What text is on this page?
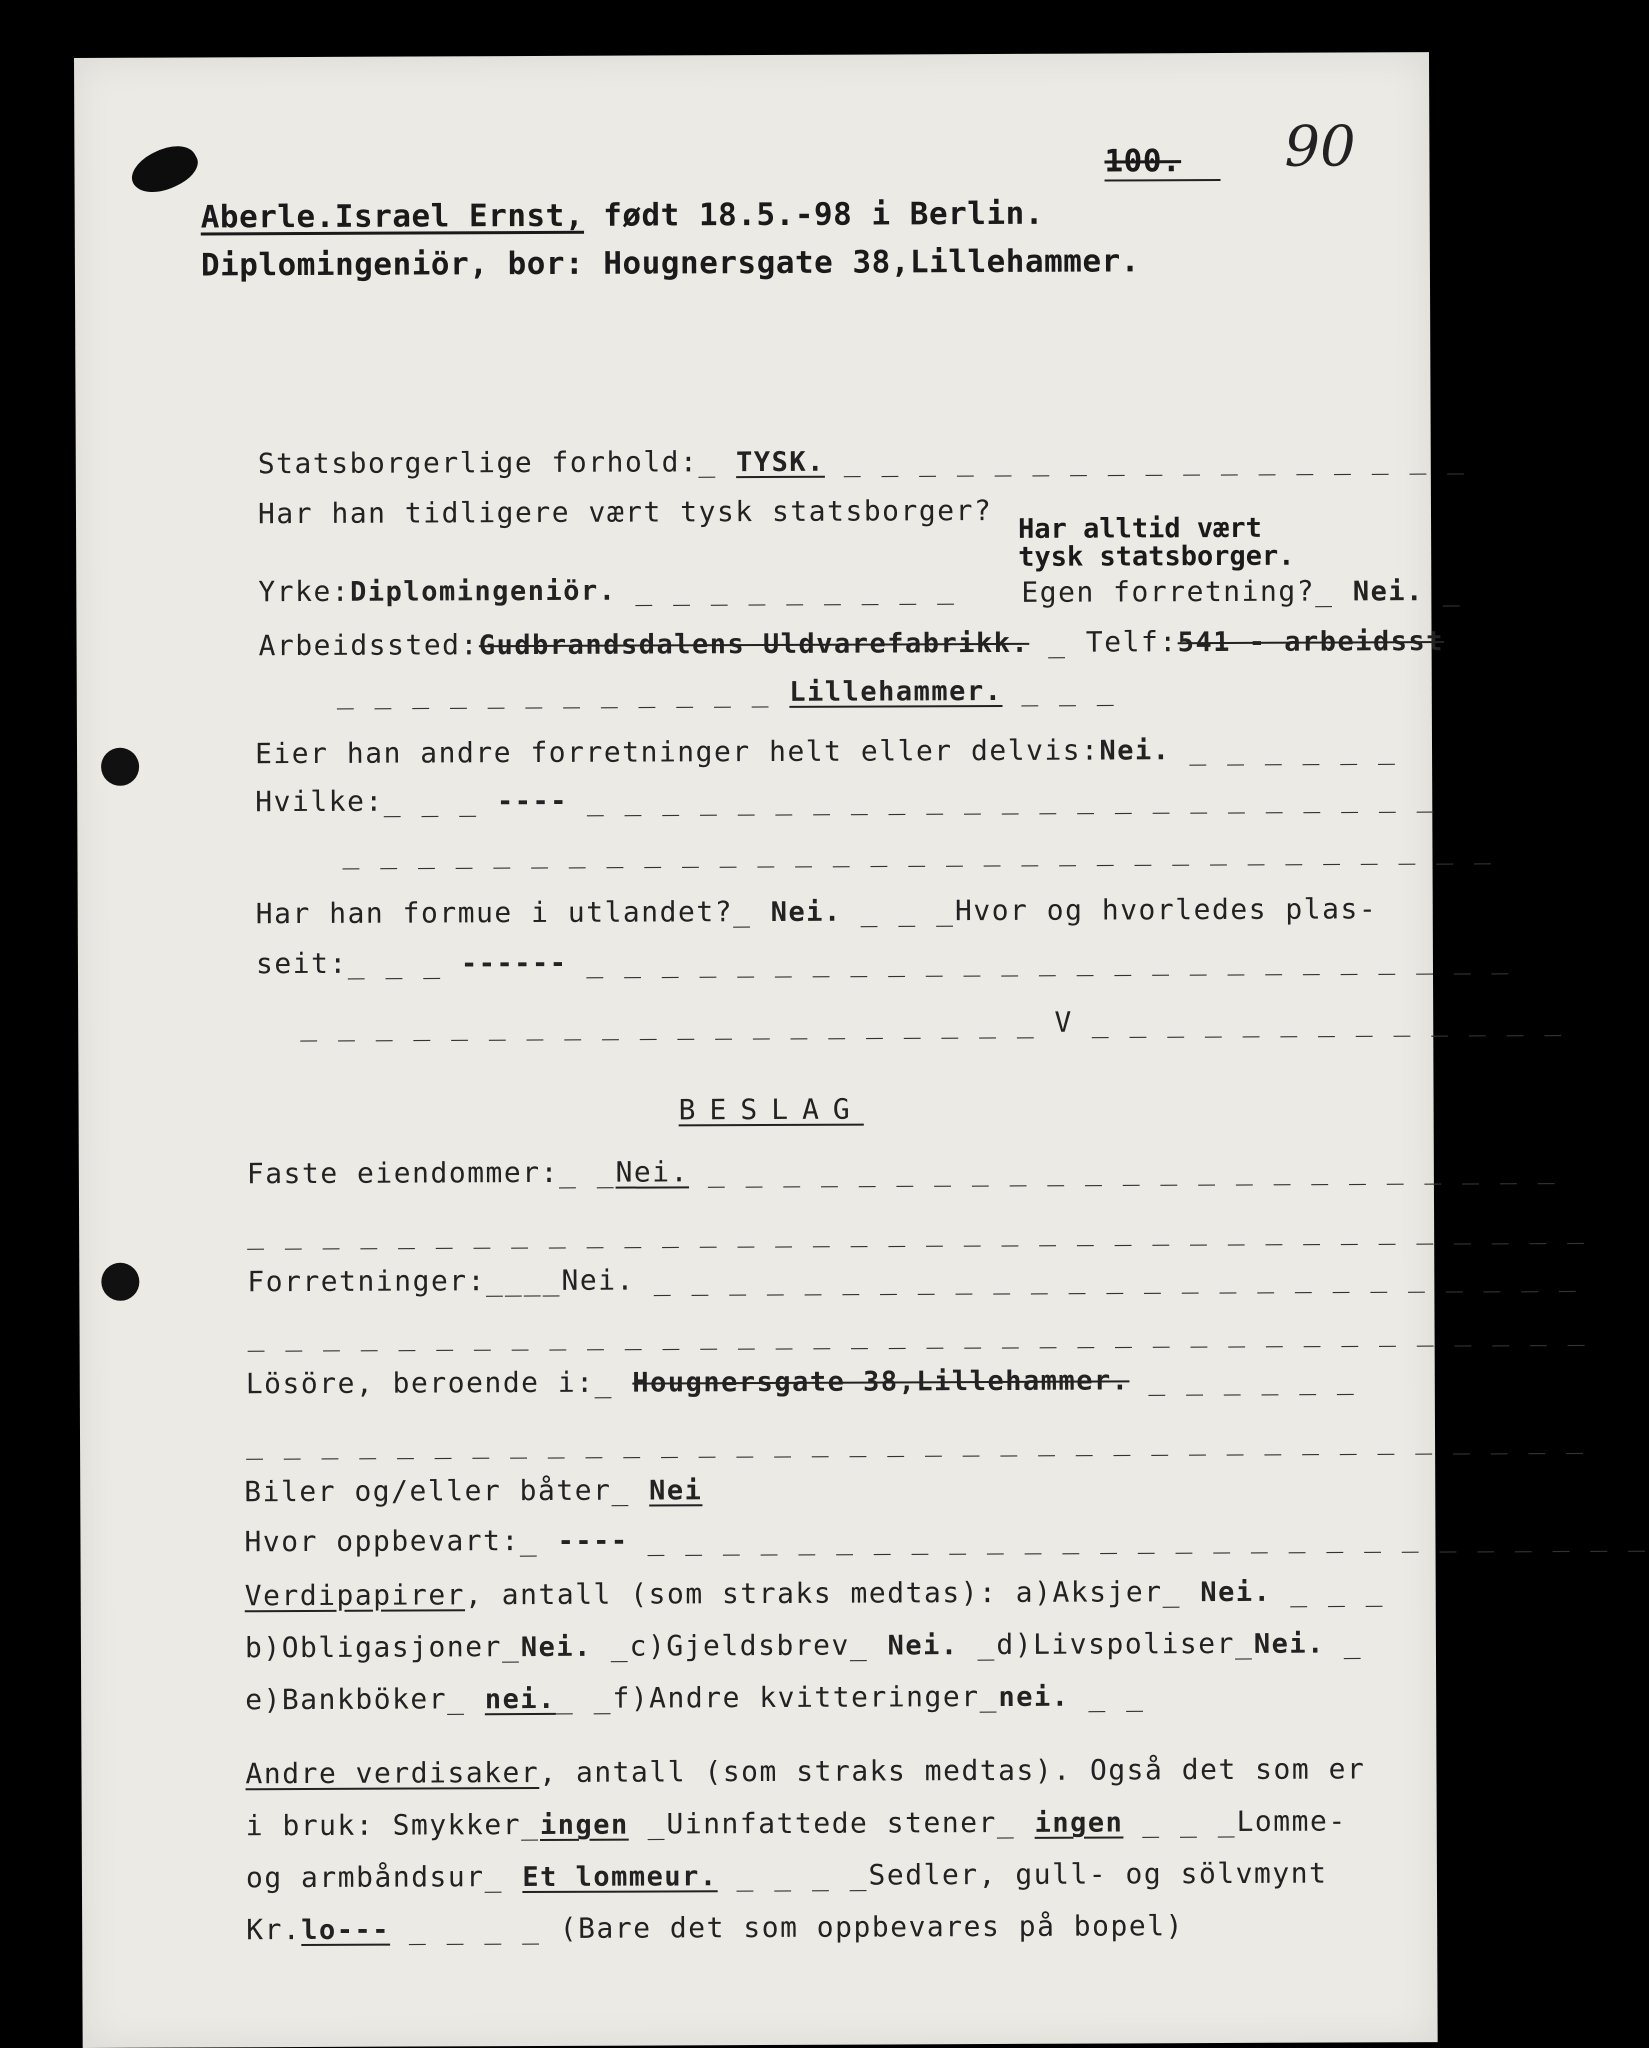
100. 90
Aberle.Israel Ernst, født 18.5.-98 i Berlin.
Diplomingeniör, bor: Hougnersgate 38,Lillehammer.
Statsborgerlige forhold:_ TYSK. _ _ _ _ _ _ _ _ _ _ _ _ _ _ _ _ _
Har han tidligere vært tysk statsborger? Har alltid vært tysk statsborger.
Yrke:Diplomingeniör. _ _ _ _ _ _ _ _ _ Egen forretning?_ Nei. _
Arbeidssted:Gudbrandsdalens Uldvarefabrikk. _ Telf:541 - arbeidsst
_ _ _ _ _ _ _ _ _ _ _ _ Lillehammer. _ _ _
Eier han andre forretninger helt eller delvis:Nei. _ _ _ _ _ _
Hvilke:_ _ _ ---- _ _ _ _ _ _ _ _ _ _ _ _ _ _ _ _ _ _ _ _ _ _ _
_ _ _ _ _ _ _ _ _ _ _ _ _ _ _ _ _ _ _ _ _ _ _ _ _ _ _ _ _ _ _
Har han formue i utlandet?_ Nei. _ _ _Hvor og hvorledes plas-
seit:_ _ _ ------ _ _ _ _ _ _ _ _ _ _ _ _ _ _ _ _ _ _ _ _ _ _ _ _ _
_ _ _ _ _ _ _ _ _ _ _ _ _ _ _ _ _ _ _ _ V _ _ _ _ _ _ _ _ _ _ _ _ _
BESLAG
Faste eiendommer:_ _Nei. _ _ _ _ _ _ _ _ _ _ _ _ _ _ _ _ _ _ _ _ _ _ _
_ _ _ _ _ _ _ _ _ _ _ _ _ _ _ _ _ _ _ _ _ _ _ _ _ _ _ _ _ _ _ _ _ _ _ _
Forretninger:____Nei. _ _ _ _ _ _ _ _ _ _ _ _ _ _ _ _ _ _ _ _ _ _ _ _ _
_ _ _ _ _ _ _ _ _ _ _ _ _ _ _ _ _ _ _ _ _ _ _ _ _ _ _ _ _ _ _ _ _ _ _ _
Lösöre, beroende i:_ Hougnersgate 38,Lillehammer. _ _ _ _ _ _
_ _ _ _ _ _ _ _ _ _ _ _ _ _ _ _ _ _ _ _ _ _ _ _ _ _ _ _ _ _ _ _ _ _ _ _
Biler og/eller båter_ Nei
Hvor oppbevart:_ ---- _ _ _ _ _ _ _ _ _ _ _ _ _ _ _ _ _ _ _ _ _ _ _ _ _ _ _
Verdipapirer, antall (som straks medtas): a)Aksjer_ Nei. _ _ _
b)Obligasjoner_Nei. _c)Gjeldsbrev_ Nei. _d)Livspoliser_Nei. _
e)Bankböker_ nei._ _f)Andre kvitteringer_nei. _ _
Andre verdisaker, antall (som straks medtas). Også det som er
i bruk: Smykker_ingen _Uinnfattede stener_ ingen _ _ _Lomme-
og armbåndsur_ Et lommeur. _ _ _ _Sedler, gull- og sölvmynt
Kr.lo--- _ _ _ _ (Bare det som oppbevares på bopel)
